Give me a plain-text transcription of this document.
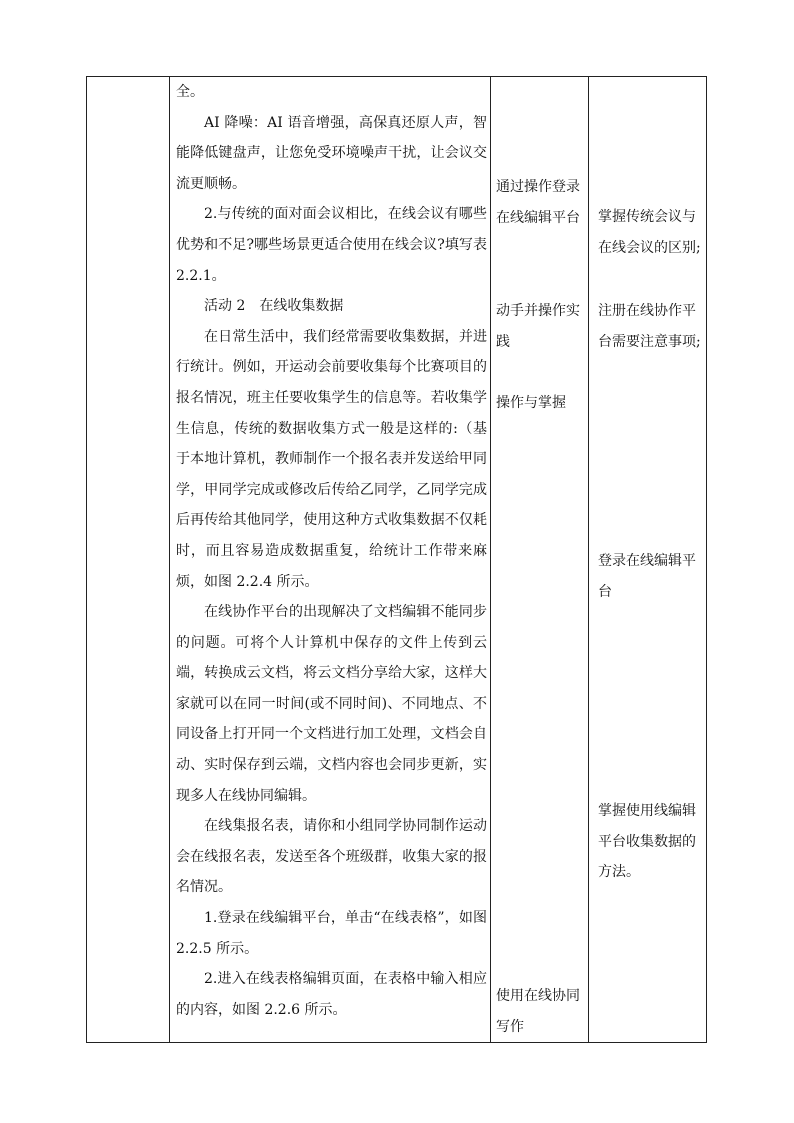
全。

AI 降噪：AI 语音增强，高保真还原人声，智能降低键盘声，让您免受环境噪声干扰，让会议交流更顺畅。

2.与传统的面对面会议相比，在线会议有哪些优势和不足?哪些场景更适合使用在线会议?填写表 2.2.1。

活动 2　在线收集数据

在日常生活中，我们经常需要收集数据，并进行统计。例如，开运动会前要收集每个比赛项目的报名情况，班主任要收集学生的信息等。若收集学生信息，传统的数据收集方式一般是这样的:（基于本地计算机，教师制作一个报名表并发送给甲同学，甲同学完成或修改后传给乙同学，乙同学完成后再传给其他同学，使用这种方式收集数据不仅耗时，而且容易造成数据重复，给统计工作带来麻烦，如图 2.2.4 所示。

在线协作平台的出现解决了文档编辑不能同步的问题。可将个人计算机中保存的文件上传到云端，转换成云文档，将云文档分享给大家，这样大家就可以在同一时间(或不同时间)、不同地点、不同设备上打开同一个文档进行加工处理，文档会自动、实时保存到云端，文档内容也会同步更新，实现多人在线协同编辑。

在线集报名表，请你和小组同学协同制作运动会在线报名表，发送至各个班级群，收集大家的报名情况。

1.登录在线编辑平台，单击“在线表格”，如图 2.2.5 所示。

2.进入在线表格编辑页面，在表格中输入相应的内容，如图 2.2.6 所示。

通过操作登录
在线编辑平台

动手并操作实
践

操作与掌握

使用在线协同
写作

掌握传统会议与
在线会议的区别;

注册在线协作平
台需要注意事项;

登录在线编辑平
台

掌握使用线编辑
平台收集数据的
方法。
